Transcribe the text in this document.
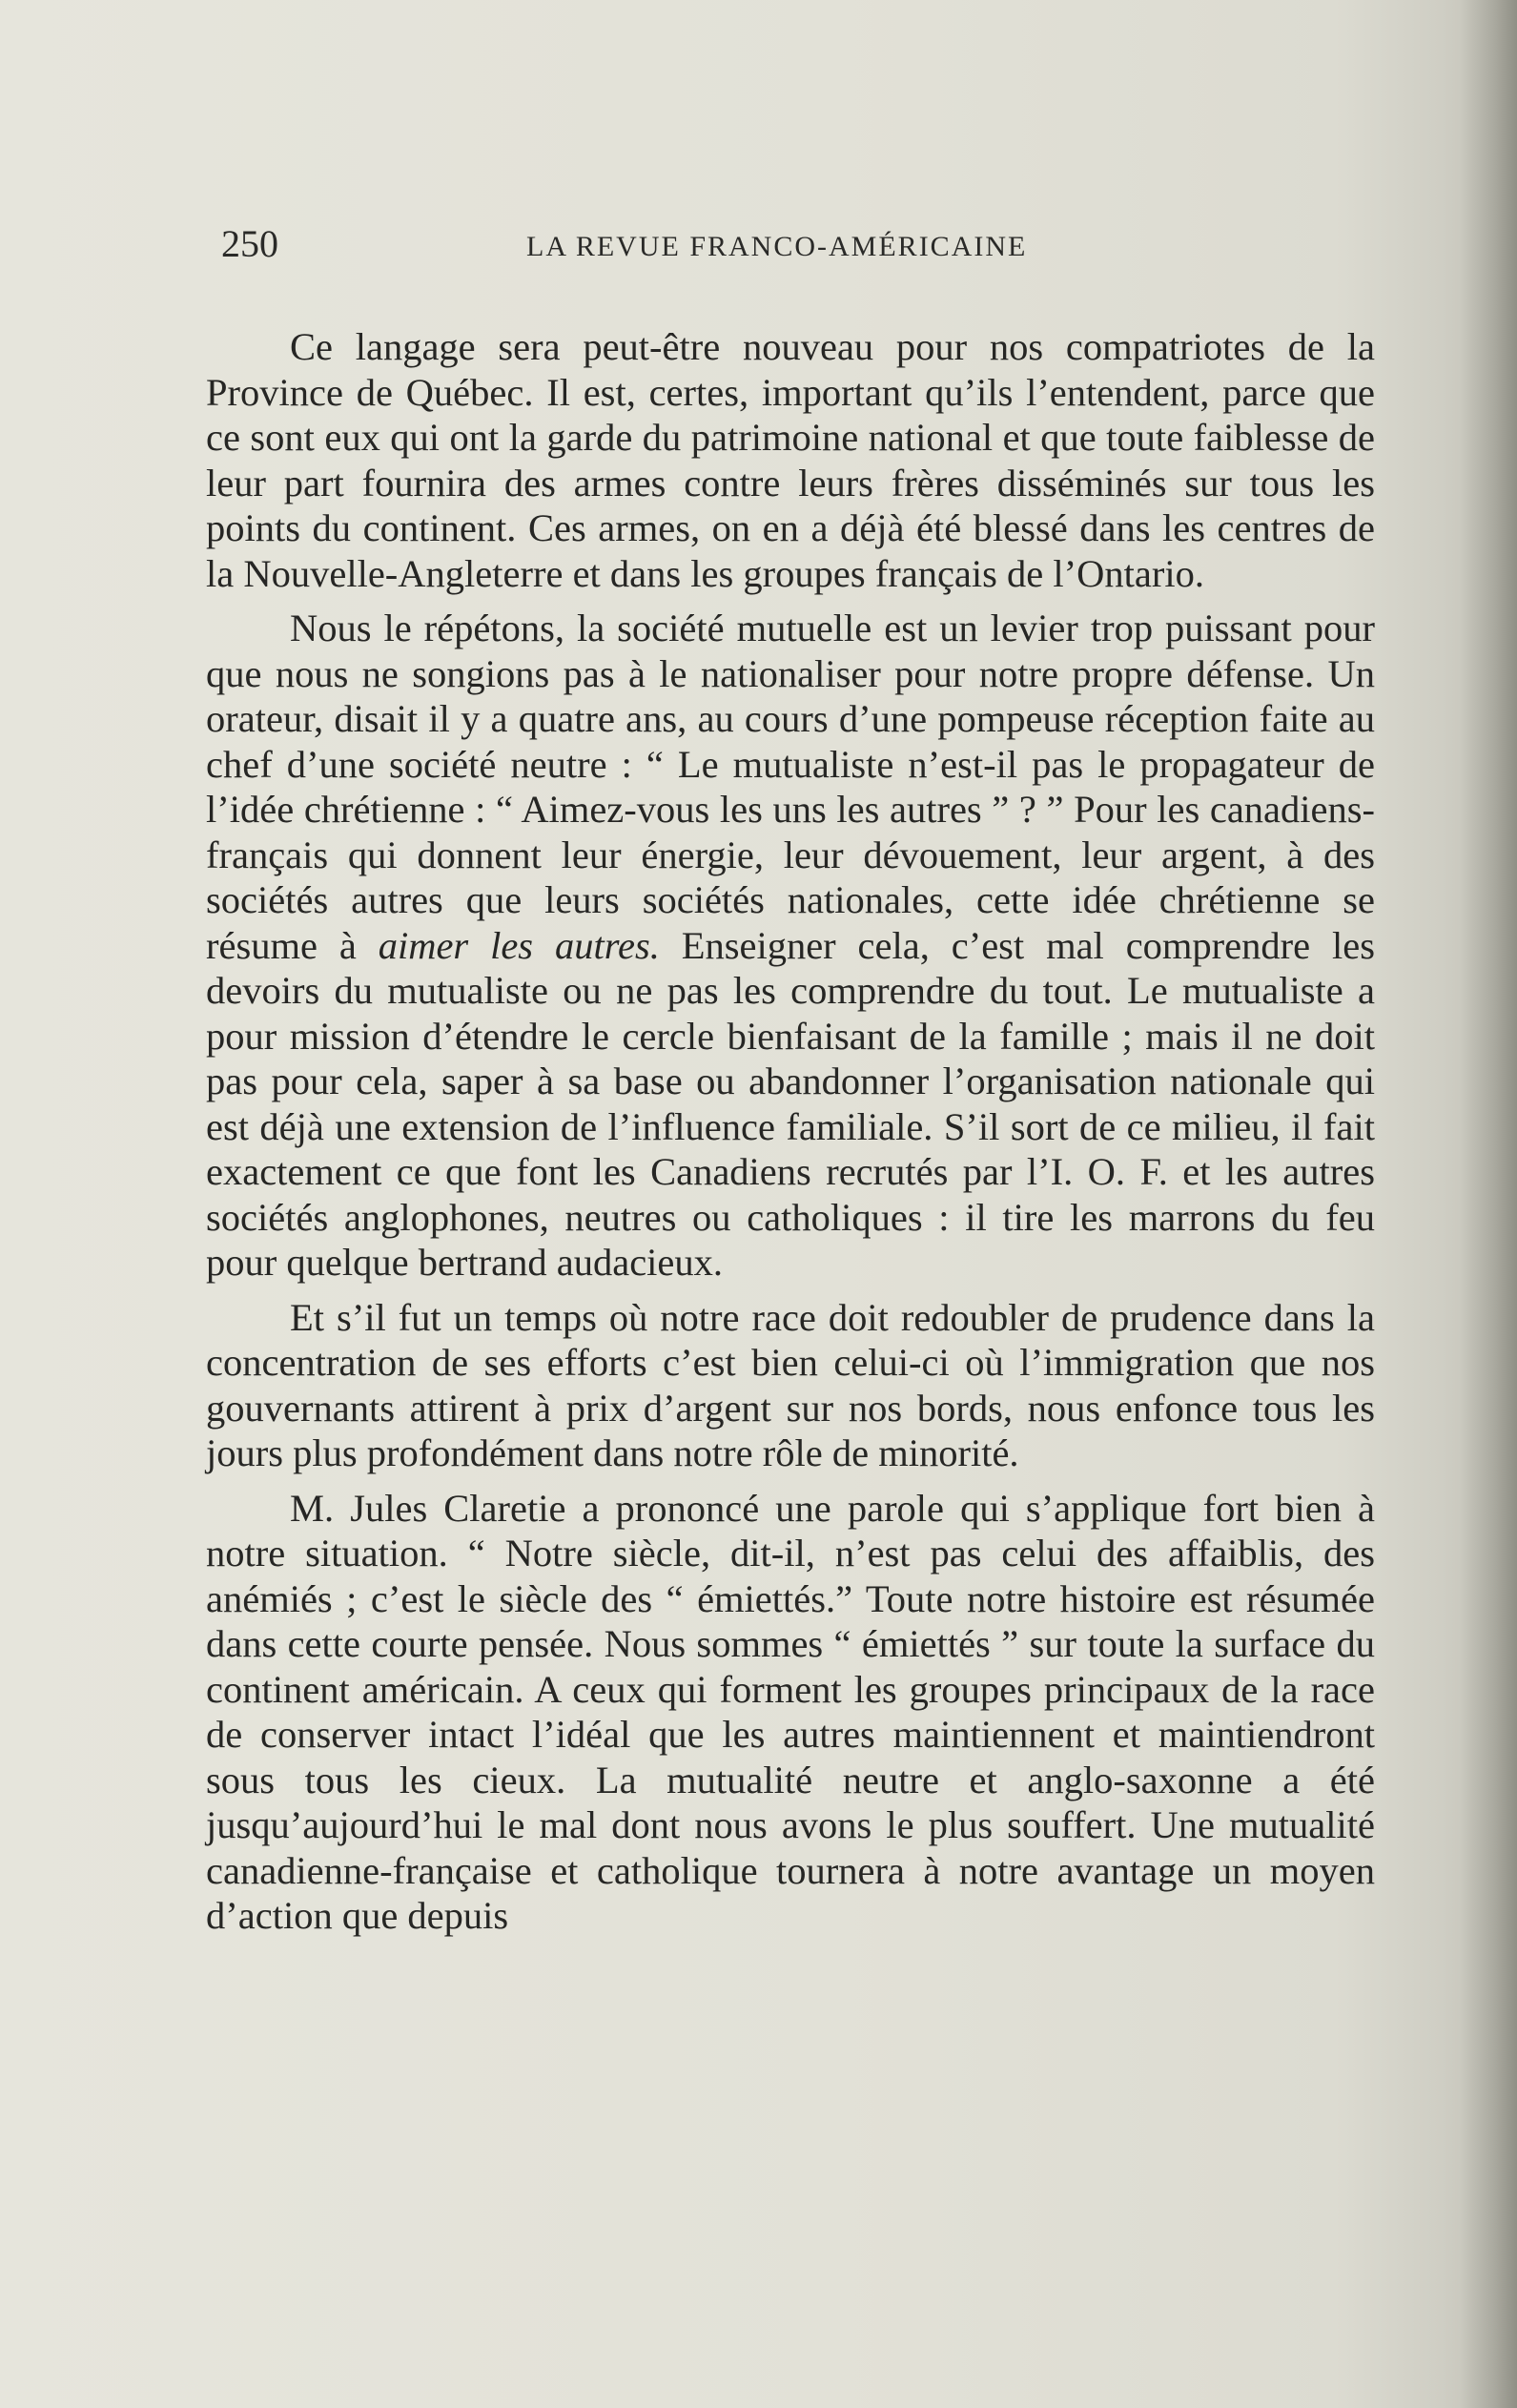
250	LA REVUE FRANCO-AMÉRICAINE

Ce langage sera peut-être nouveau pour nos compatriotes de la Province de Québec. Il est, certes, important qu’ils l’entendent, parce que ce sont eux qui ont la garde du patrimoine national et que toute faiblesse de leur part fournira des armes contre leurs frères disséminés sur tous les points du continent. Ces armes, on en a déjà été blessé dans les centres de la Nouvelle-Angleterre et dans les groupes français de l’Ontario.

Nous le répétons, la société mutuelle est un levier trop puissant pour que nous ne songions pas à le nationaliser pour notre propre défense. Un orateur, disait il y a quatre ans, au cours d’une pompeuse réception faite au chef d’une société neutre : “ Le mutualiste n’est-il pas le propagateur de l’idée chrétienne : “ Aimez-vous les uns les autres ” ? ” Pour les canadiens-français qui donnent leur énergie, leur dévouement, leur argent, à des sociétés autres que leurs sociétés nationales, cette idée chrétienne se résume à aimer les autres. Enseigner cela, c’est mal comprendre les devoirs du mutualiste ou ne pas les comprendre du tout. Le mutualiste a pour mission d’étendre le cercle bienfaisant de la famille ; mais il ne doit pas pour cela, saper à sa base ou abandonner l’organisation nationale qui est déjà une extension de l’influence familiale. S’il sort de ce milieu, il fait exactement ce que font les Canadiens recrutés par l’I. O. F. et les autres sociétés anglophones, neutres ou catholiques : il tire les marrons du feu pour quelque bertrand audacieux.

Et s’il fut un temps où notre race doit redoubler de prudence dans la concentration de ses efforts c’est bien celui-ci où l’immigration que nos gouvernants attirent à prix d’argent sur nos bords, nous enfonce tous les jours plus profondément dans notre rôle de minorité.

M. Jules Claretie a prononcé une parole qui s’applique fort bien à notre situation. “ Notre siècle, dit-il, n’est pas celui des affaiblis, des anémiés ; c’est le siècle des “ émiettés.” Toute notre histoire est résumée dans cette courte pensée. Nous sommes “ émiettés ” sur toute la surface du continent américain. A ceux qui forment les groupes principaux de la race de conserver intact l’idéal que les autres maintiennent et maintiendront sous tous les cieux. La mutualité neutre et anglo-saxonne a été jusqu’aujourd’hui le mal dont nous avons le plus souffert. Une mutualité canadienne-française et catholique tournera à notre avantage un moyen d’action que depuis
